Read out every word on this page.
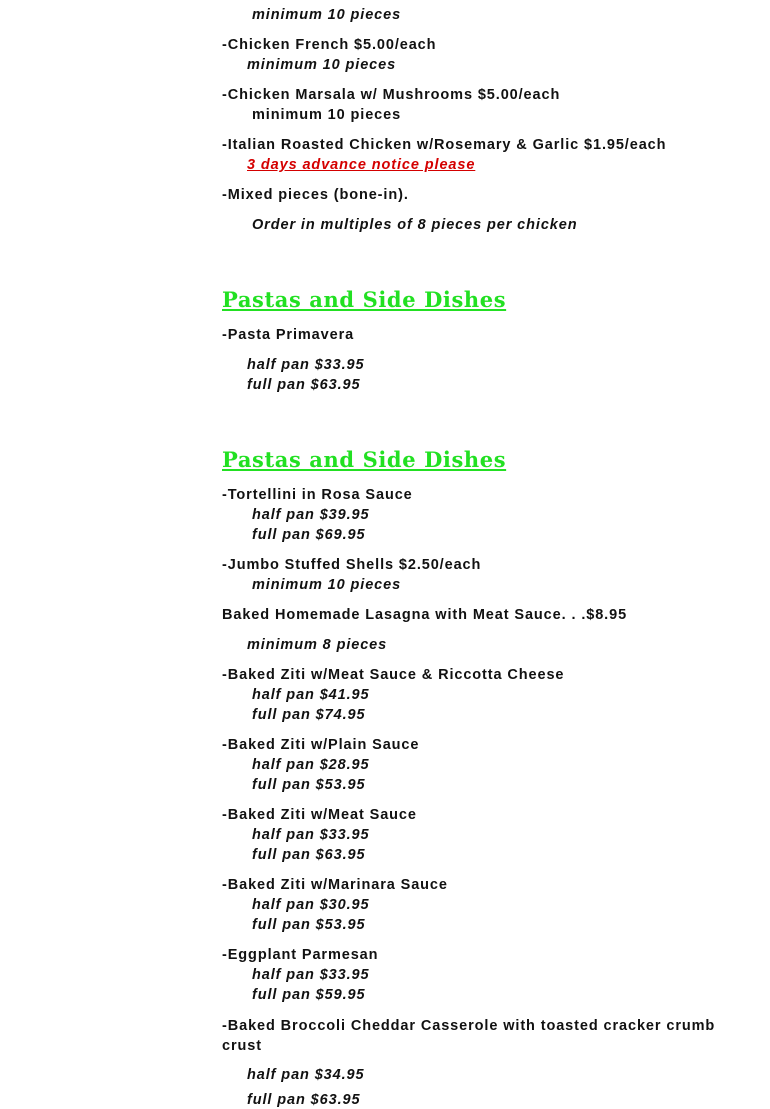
minimum 10 pieces
-Chicken French $5.00/each
minimum 10 pieces
-Chicken Marsala w/ Mushrooms $5.00/each
minimum 10 pieces
-Italian Roasted Chicken w/Rosemary & Garlic $1.95/each
3 days advance notice please
-Mixed pieces (bone-in).
Order in multiples of 8 pieces per chicken
Pastas and Side Dishes
-Pasta Primavera
half pan $33.95
full pan $63.95
Pastas and Side Dishes
-Tortellini in Rosa Sauce
half pan $39.95
full pan $69.95
-Jumbo Stuffed Shells $2.50/each
minimum 10 pieces
Baked Homemade Lasagna with Meat Sauce. . .$8.95
minimum 8 pieces
-Baked Ziti w/Meat Sauce & Riccotta Cheese
half pan $41.95
full pan $74.95
-Baked Ziti w/Plain Sauce
half pan $28.95
full pan $53.95
-Baked Ziti w/Meat Sauce
half pan $33.95
full pan $63.95
-Baked Ziti w/Marinara Sauce
half pan $30.95
full pan $53.95
-Eggplant Parmesan
half pan $33.95
full pan $59.95
-Baked Broccoli Cheddar Casserole with toasted cracker crumb crust
half pan $34.95
full pan $63.95
